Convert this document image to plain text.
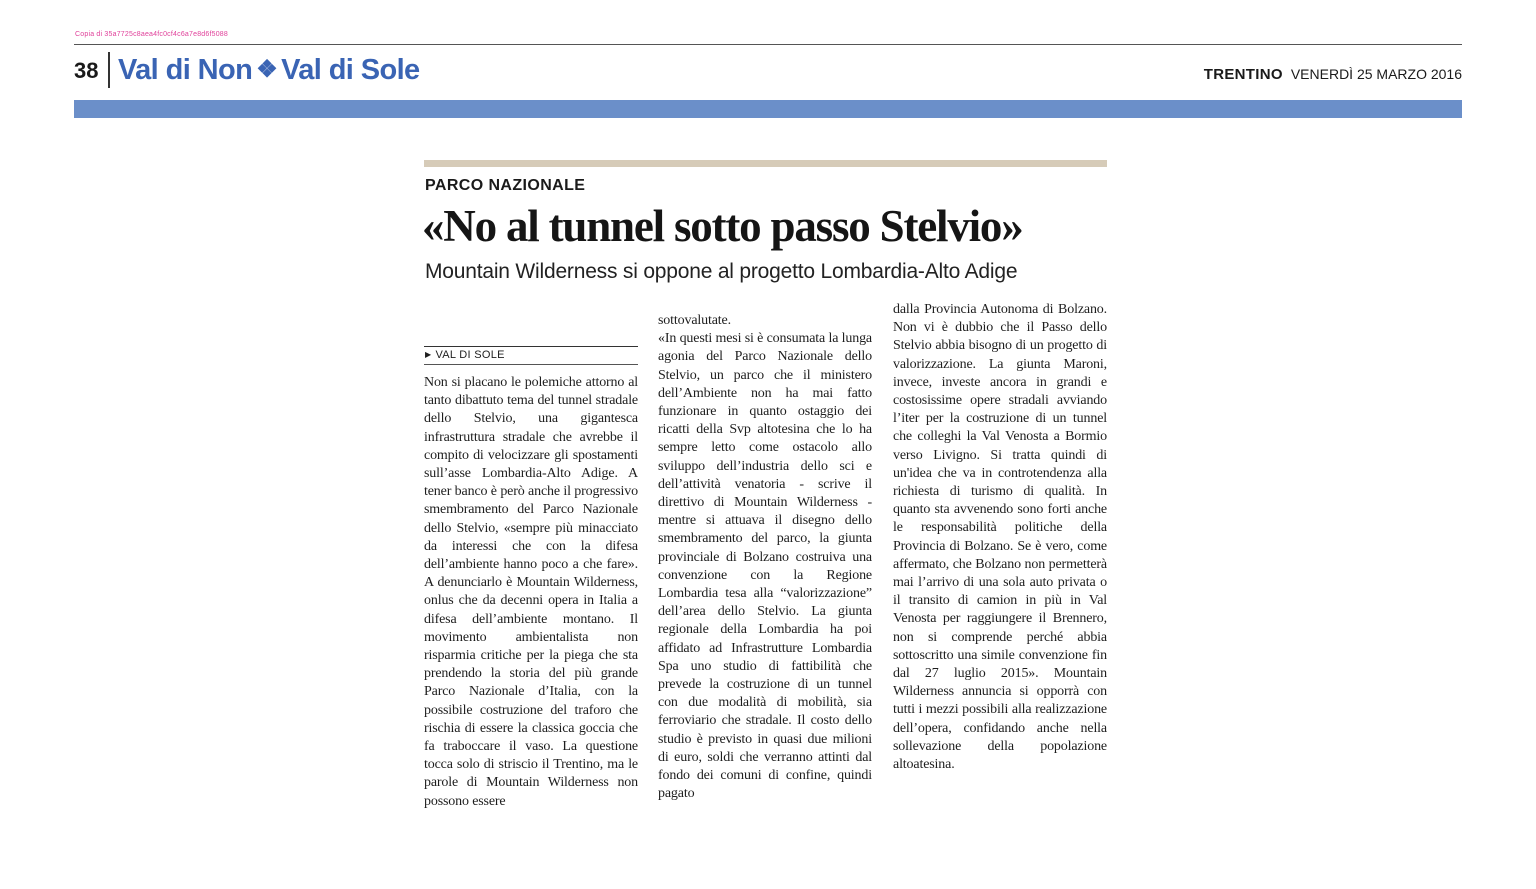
Copia di 35a7725c8aea4fc0cf4c6a7e8d6f5088
38 Val di Non ❖ Val di Sole	TRENTINO VENERDÌ 25 MARZO 2016
PARCO NAZIONALE
«No al tunnel sotto passo Stelvio»
Mountain Wilderness si oppone al progetto Lombardia-Alto Adige
▶ VAL DI SOLE

Non si placano le polemiche attorno al tanto dibattuto tema del tunnel stradale dello Stelvio, una gigantesca infrastruttura stradale che avrebbe il compito di velocizzare gli spostamenti sull’asse Lombardia-Alto Adige. A tener banco è però anche il progressivo smembramento del Parco Nazionale dello Stelvio, «sempre più minacciato da interessi che con la difesa dell’ambiente hanno poco a che fare». A denunciarlo è Mountain Wilderness, onlus che da decenni opera in Italia a difesa dell’ambiente montano. Il movimento ambientalista non risparmia critiche per la piega che sta prendendo la storia del più grande Parco Nazionale d’Italia, con la possibile costruzione del traforo che rischia di essere la classica goccia che fa traboccare il vaso. La questione tocca solo di striscio il Trentino, ma le parole di Mountain Wilderness non possono essere

sottovalutate.

«In questi mesi si è consumata la lunga agonia del Parco Nazionale dello Stelvio, un parco che il ministero dell’Ambiente non ha mai fatto funzionare in quanto ostaggio dei ricatti della Svp altotesina che lo ha sempre letto come ostacolo allo sviluppo dell’industria dello sci e dell’attività venatoria - scrive il direttivo di Mountain Wilderness - mentre si attuava il disegno dello smembramento del parco, la giunta provinciale di Bolzano costruiva una convenzione con la Regione Lombardia tesa alla “valorizzazione” dell’area dello Stelvio. La giunta regionale della Lombardia ha poi affidato ad Infrastrutture Lombardia Spa uno studio di fattibilità che prevede la costruzione di un tunnel con due modalità di mobilità, sia ferroviario che stradale. Il costo dello studio è previsto in quasi due milioni di euro, soldi che verranno attinti dal fondo dei comuni di confine, quindi pagato

dalla Provincia Autonoma di Bolzano. Non vi è dubbio che il Passo dello Stelvio abbia bisogno di un progetto di valorizzazione. La giunta Maroni, invece, investe ancora in grandi e costosissime opere stradali avviando l’iter per la costruzione di un tunnel che colleghi la Val Venosta a Bormio verso Livigno. Si tratta quindi di un'idea che va in controtendenza alla richiesta di turismo di qualità. In quanto sta avvenendo sono forti anche le responsabilità politiche della Provincia di Bolzano. Se è vero, come affermato, che Bolzano non permetterà mai l’arrivo di una sola auto privata o il transito di camion in più in Val Venosta per raggiungere il Brennero, non si comprende perché abbia sottoscritto una simile convenzione fin dal 27 luglio 2015». Mountain Wilderness annuncia si opporrà con tutti i mezzi possibili alla realizzazione dell’opera, confidando anche nella sollevazione della popolazione altoatesina.
